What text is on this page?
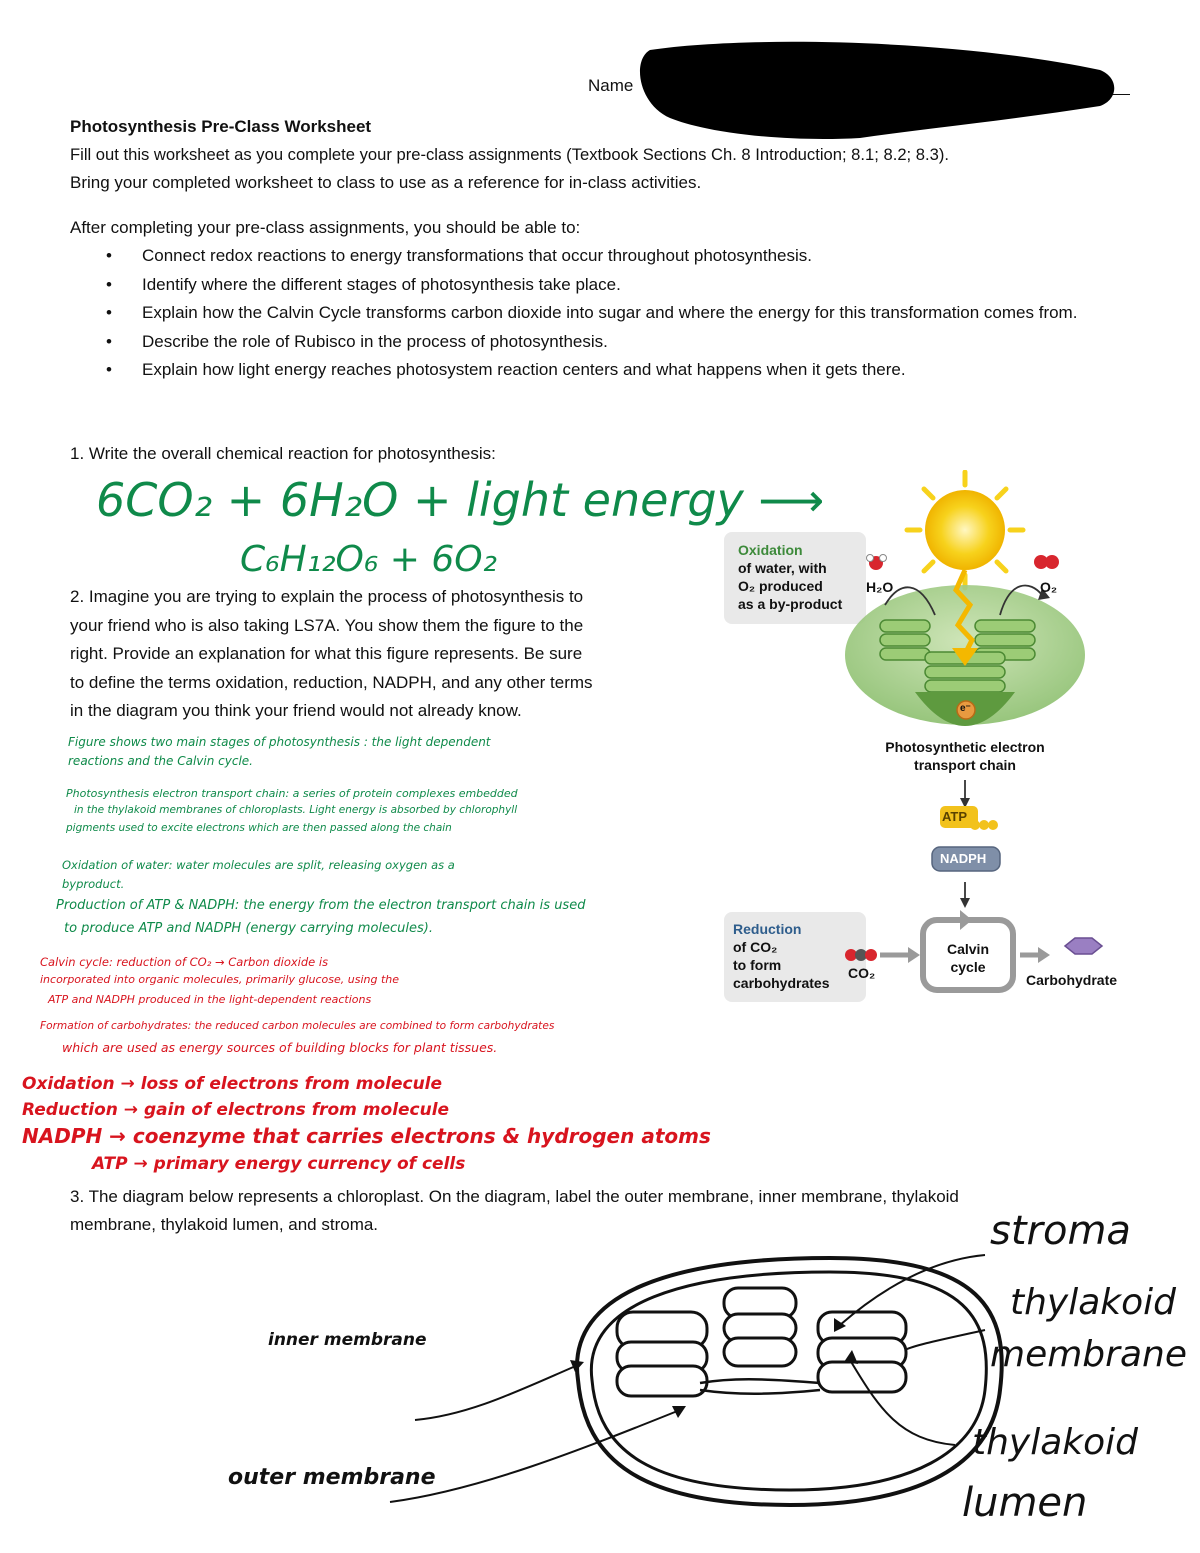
Name
Photosynthesis Pre-Class Worksheet
Fill out this worksheet as you complete your pre-class assignments (Textbook Sections Ch. 8 Introduction; 8.1; 8.2; 8.3).
Bring your completed worksheet to class to use as a reference for in-class activities.
After completing your pre-class assignments, you should be able to:
• Connect redox reactions to energy transformations that occur throughout photosynthesis.
• Identify where the different stages of photosynthesis take place.
• Explain how the Calvin Cycle transforms carbon dioxide into sugar and where the energy for this transformation comes from.
• Describe the role of Rubisco in the process of photosynthesis.
• Explain how light energy reaches photosystem reaction centers and what happens when it gets there.
1. Write the overall chemical reaction for photosynthesis:
6CO₂ + 6H₂O + light energy ⟶
C₆H₁₂O₆ + 6O₂
2. Imagine you are trying to explain the process of photosynthesis to
your friend who is also taking LS7A. You show them the figure to the
right. Provide an explanation for what this figure represents. Be sure
to define the terms oxidation, reduction, NADPH, and any other terms
in the diagram you think your friend would not already know.
Figure shows two main stages of photosynthesis : the light dependent
reactions and the Calvin cycle.
Photosynthesis electron transport chain: a series of protein complexes embedded
in the thylakoid membranes of chloroplasts. Light energy is absorbed by chlorophyll
pigments used to excite electrons which are then passed along the chain
Oxidation of water: water molecules are split, releasing oxygen as a
byproduct.
Production of ATP & NADPH: the energy from the electron transport chain is used
to produce ATP and NADPH (energy carrying molecules).
Calvin cycle: reduction of CO₂ → Carbon dioxide is
incorporated into organic molecules, primarily glucose, using the
ATP and NADPH produced in the light-dependent reactions
Formation of carbohydrates: the reduced carbon molecules are combined to form carbohydrates
which are used as energy sources of building blocks for plant tissues.
Oxidation → loss of electrons from molecule
Reduction → gain of electrons from molecule
NADPH → coenzyme that carries electrons & hydrogen atoms
ATP → primary energy currency of cells
Oxidation
of water, with
O₂ produced
as a by-product
H₂O	O₂
e⁻
Photosynthetic electron
transport chain
ATP
NADPH
Reduction
of CO₂
to form
carbohydrates
CO₂
Calvin
cycle
Carbohydrate
3. The diagram below represents a chloroplast. On the diagram, label the outer membrane, inner membrane, thylakoid
membrane, thylakoid lumen, and stroma.	stroma
thylakoid
membrane
inner membrane
thylakoid
lumen
outer membrane
